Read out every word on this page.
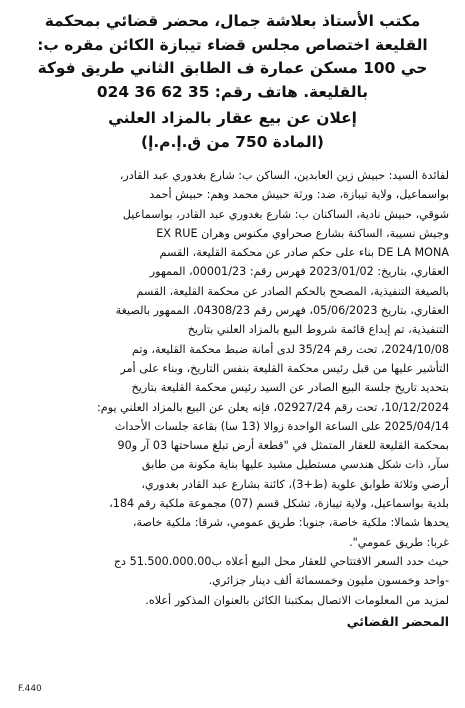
مكتب الأستاذ بعلاشة جمال، محضر قضائي بمحكمة
القليعة اختصاص مجلس قضاء تيبازة الكائن مقره ب:
حي 100 مسكن عمارة ف الطابق الثاني طريق فوكة
بالقليعة. هاتف رقم: 35 62 36 024
إعلان عن بيع عقار بالمزاد العلني
(المادة 750 من ق.إ.م.إ)
لفائدة السيد: حبيش زين العابدين، الساكن ب: شارع بغدوري عبد القادر،
بواسماعيل، ولاية تيبازة، ضد: ورثة حبيش محمد وهم: حبيش أحمد
شوقي، حبيش نادية، الساكنان ب: شارع بغدوري عبد القادر، بواسماعيل
وجيش نسيبة، الساكنة بشارع صحراوي مكنوس وهران EX RUE
DE LA MONA بناء على حكم صادر عن محكمة القليعة، القسم
العقاري، بتاريخ: 2023/01/02 فهرس رقم: 00001/23، الممهور
بالصيغة التنفيذية، المصحح بالحكم الصادر عن محكمة القليعة، القسم
العقاري، بتاريخ 05/06/2023، فهرس رقم 04308/23، الممهور بالصيغة
التنفيذية، تم إيداع قائمة شروط البيع بالمزاد العلني بتاريخ
2024/10/08، تحت رقم 35/24 لدى أمانة ضبط محكمة القليعة، وتم
التأشير عليها من قبل رئيس محكمة القليعة بنفس التاريخ، وبناء على أمر
بتحديد تاريخ جلسة البيع الصادر عن السيد رئيس محكمة القليعة بتاريخ
10/12/2024، تحت رقم 02927/24، فإنه يعلن عن البيع بالمزاد العلني يوم:
2025/04/14 على الساعة الواحدة زوالا (13 سا) بقاعة جلسات الأحداث
بمحكمة القليعة للعقار المتمثل في "قطعة أرض تبلغ مساحتها 03 آر و90
سآر، ذات شكل هندسي مستطيل مشيد عليها بناية مكونة من طابق
أرضي وثلاثة طوابق علوية (ط+3)، كائنة بشارع عبد القادر بغدوري،
بلدية بواسماعيل، ولاية تيبازة، تشكل قسم (07) مجموعة ملكية رقم 184،
يحدها شمالا: ملكية خاصة، جنوبا: طريق عمومي، شرقا: ملكية خاصة،
غربا: طريق عمومي".
حيث حدد السعر الافتتاحي للعقار محل البيع أعلاه ب51.500.000.00 دج
-واحد وخمسون مليون وخمسمائة ألف دينار جزائري.
لمزيد من المعلومات الاتصال بمكتبنا الكائن بالعنوان المذكور أعلاه.
المحضر القضائي
F.440
